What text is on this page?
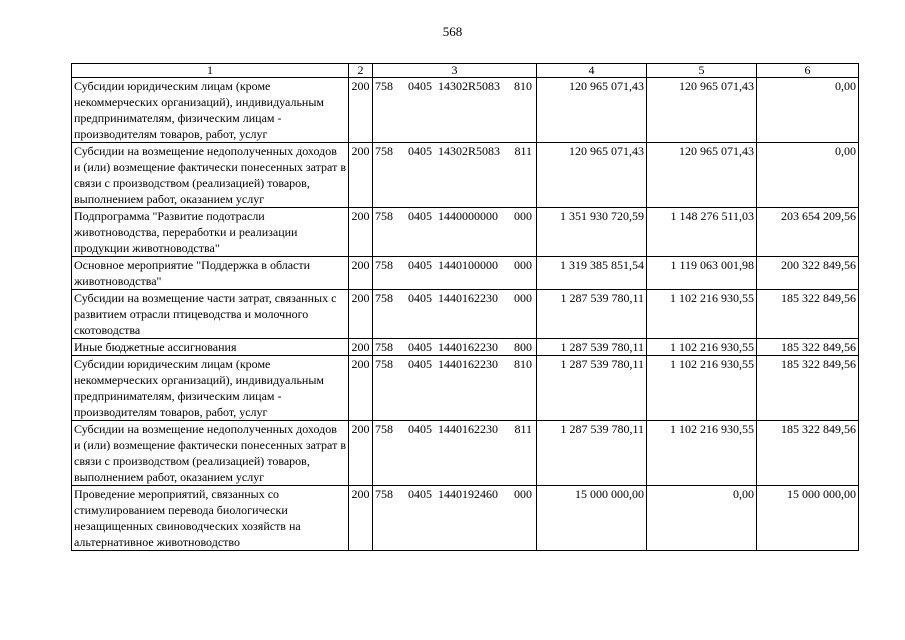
568
1	2	3	4	5	6
Субсидии юридическим лицам (кроме некоммерческих организаций), индивидуальным предпринимателям, физическим лицам - производителям товаров, работ, услуг	200	758 0405 14302R5083 810	120 965 071,43	120 965 071,43	0,00
Субсидии на возмещение недополученных доходов и (или) возмещение фактически понесенных затрат в связи с производством (реализацией) товаров, выполнением работ, оказанием услуг	200	758 0405 14302R5083 811	120 965 071,43	120 965 071,43	0,00
Подпрограмма "Развитие подотрасли животноводства, переработки и реализации продукции животноводства"	200	758 0405 1440000000 000	1 351 930 720,59	1 148 276 511,03	203 654 209,56
Основное мероприятие "Поддержка в области животноводства"	200	758 0405 1440100000 000	1 319 385 851,54	1 119 063 001,98	200 322 849,56
Субсидии на возмещение части затрат, связанных с развитием отрасли птицеводства и молочного скотоводства	200	758 0405 1440162230 000	1 287 539 780,11	1 102 216 930,55	185 322 849,56
Иные бюджетные ассигнования	200	758 0405 1440162230 800	1 287 539 780,11	1 102 216 930,55	185 322 849,56
Субсидии юридическим лицам (кроме некоммерческих организаций), индивидуальным предпринимателям, физическим лицам - производителям товаров, работ, услуг	200	758 0405 1440162230 810	1 287 539 780,11	1 102 216 930,55	185 322 849,56
Субсидии на возмещение недополученных доходов и (или) возмещение фактически понесенных затрат в связи с производством (реализацией) товаров, выполнением работ, оказанием услуг	200	758 0405 1440162230 811	1 287 539 780,11	1 102 216 930,55	185 322 849,56
Проведение мероприятий, связанных со стимулированием перевода биологически незащищенных свиноводческих хозяйств на альтернативное животноводство	200	758 0405 1440192460 000	15 000 000,00	0,00	15 000 000,00
